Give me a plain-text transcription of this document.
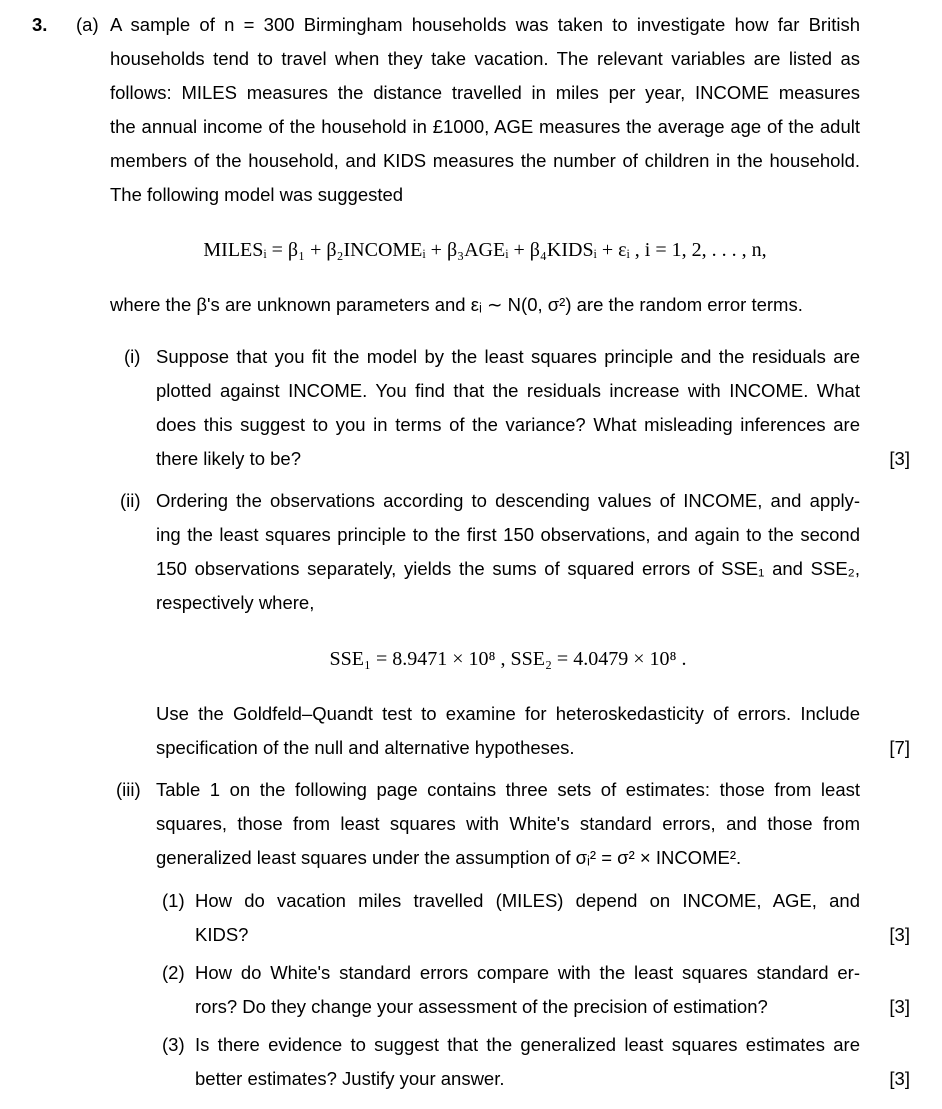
3. (a) A sample of n = 300 Birmingham households was taken to investigate how far British
households tend to travel when they take vacation. The relevant variables are listed as
follows: MILES measures the distance travelled in miles per year, INCOME measures
the annual income of the household in £1000, AGE measures the average age of the adult
members of the household, and KIDS measures the number of children in the household.
The following model was suggested
MILESᵢ = β₁ + β₂INCOMEᵢ + β₃AGEᵢ + β₄KIDSᵢ + εᵢ , i = 1, 2, . . . , n,
where the β's are unknown parameters and εᵢ ∼ N(0, σ²) are the random error terms.
(i) Suppose that you fit the model by the least squares principle and the residuals are
plotted against INCOME. You find that the residuals increase with INCOME. What
does this suggest to you in terms of the variance? What misleading inferences are
there likely to be?	[3]
(ii) Ordering the observations according to descending values of INCOME, and apply-
ing the least squares principle to the first 150 observations, and again to the second
150 observations separately, yields the sums of squared errors of SSE₁ and SSE₂,
respectively where,
SSE₁ = 8.9471 × 10⁸ , SSE₂ = 4.0479 × 10⁸ .
Use the Goldfeld–Quandt test to examine for heteroskedasticity of errors. Include
specification of the null and alternative hypotheses.	[7]
(iii) Table 1 on the following page contains three sets of estimates: those from least
squares, those from least squares with White's standard errors, and those from
generalized least squares under the assumption of σᵢ² = σ² × INCOME².
(1) How do vacation miles travelled (MILES) depend on INCOME, AGE, and
KIDS?	[3]
(2) How do White's standard errors compare with the least squares standard er-
rors? Do they change your assessment of the precision of estimation?	[3]
(3) Is there evidence to suggest that the generalized least squares estimates are
better estimates? Justify your answer.	[3]
